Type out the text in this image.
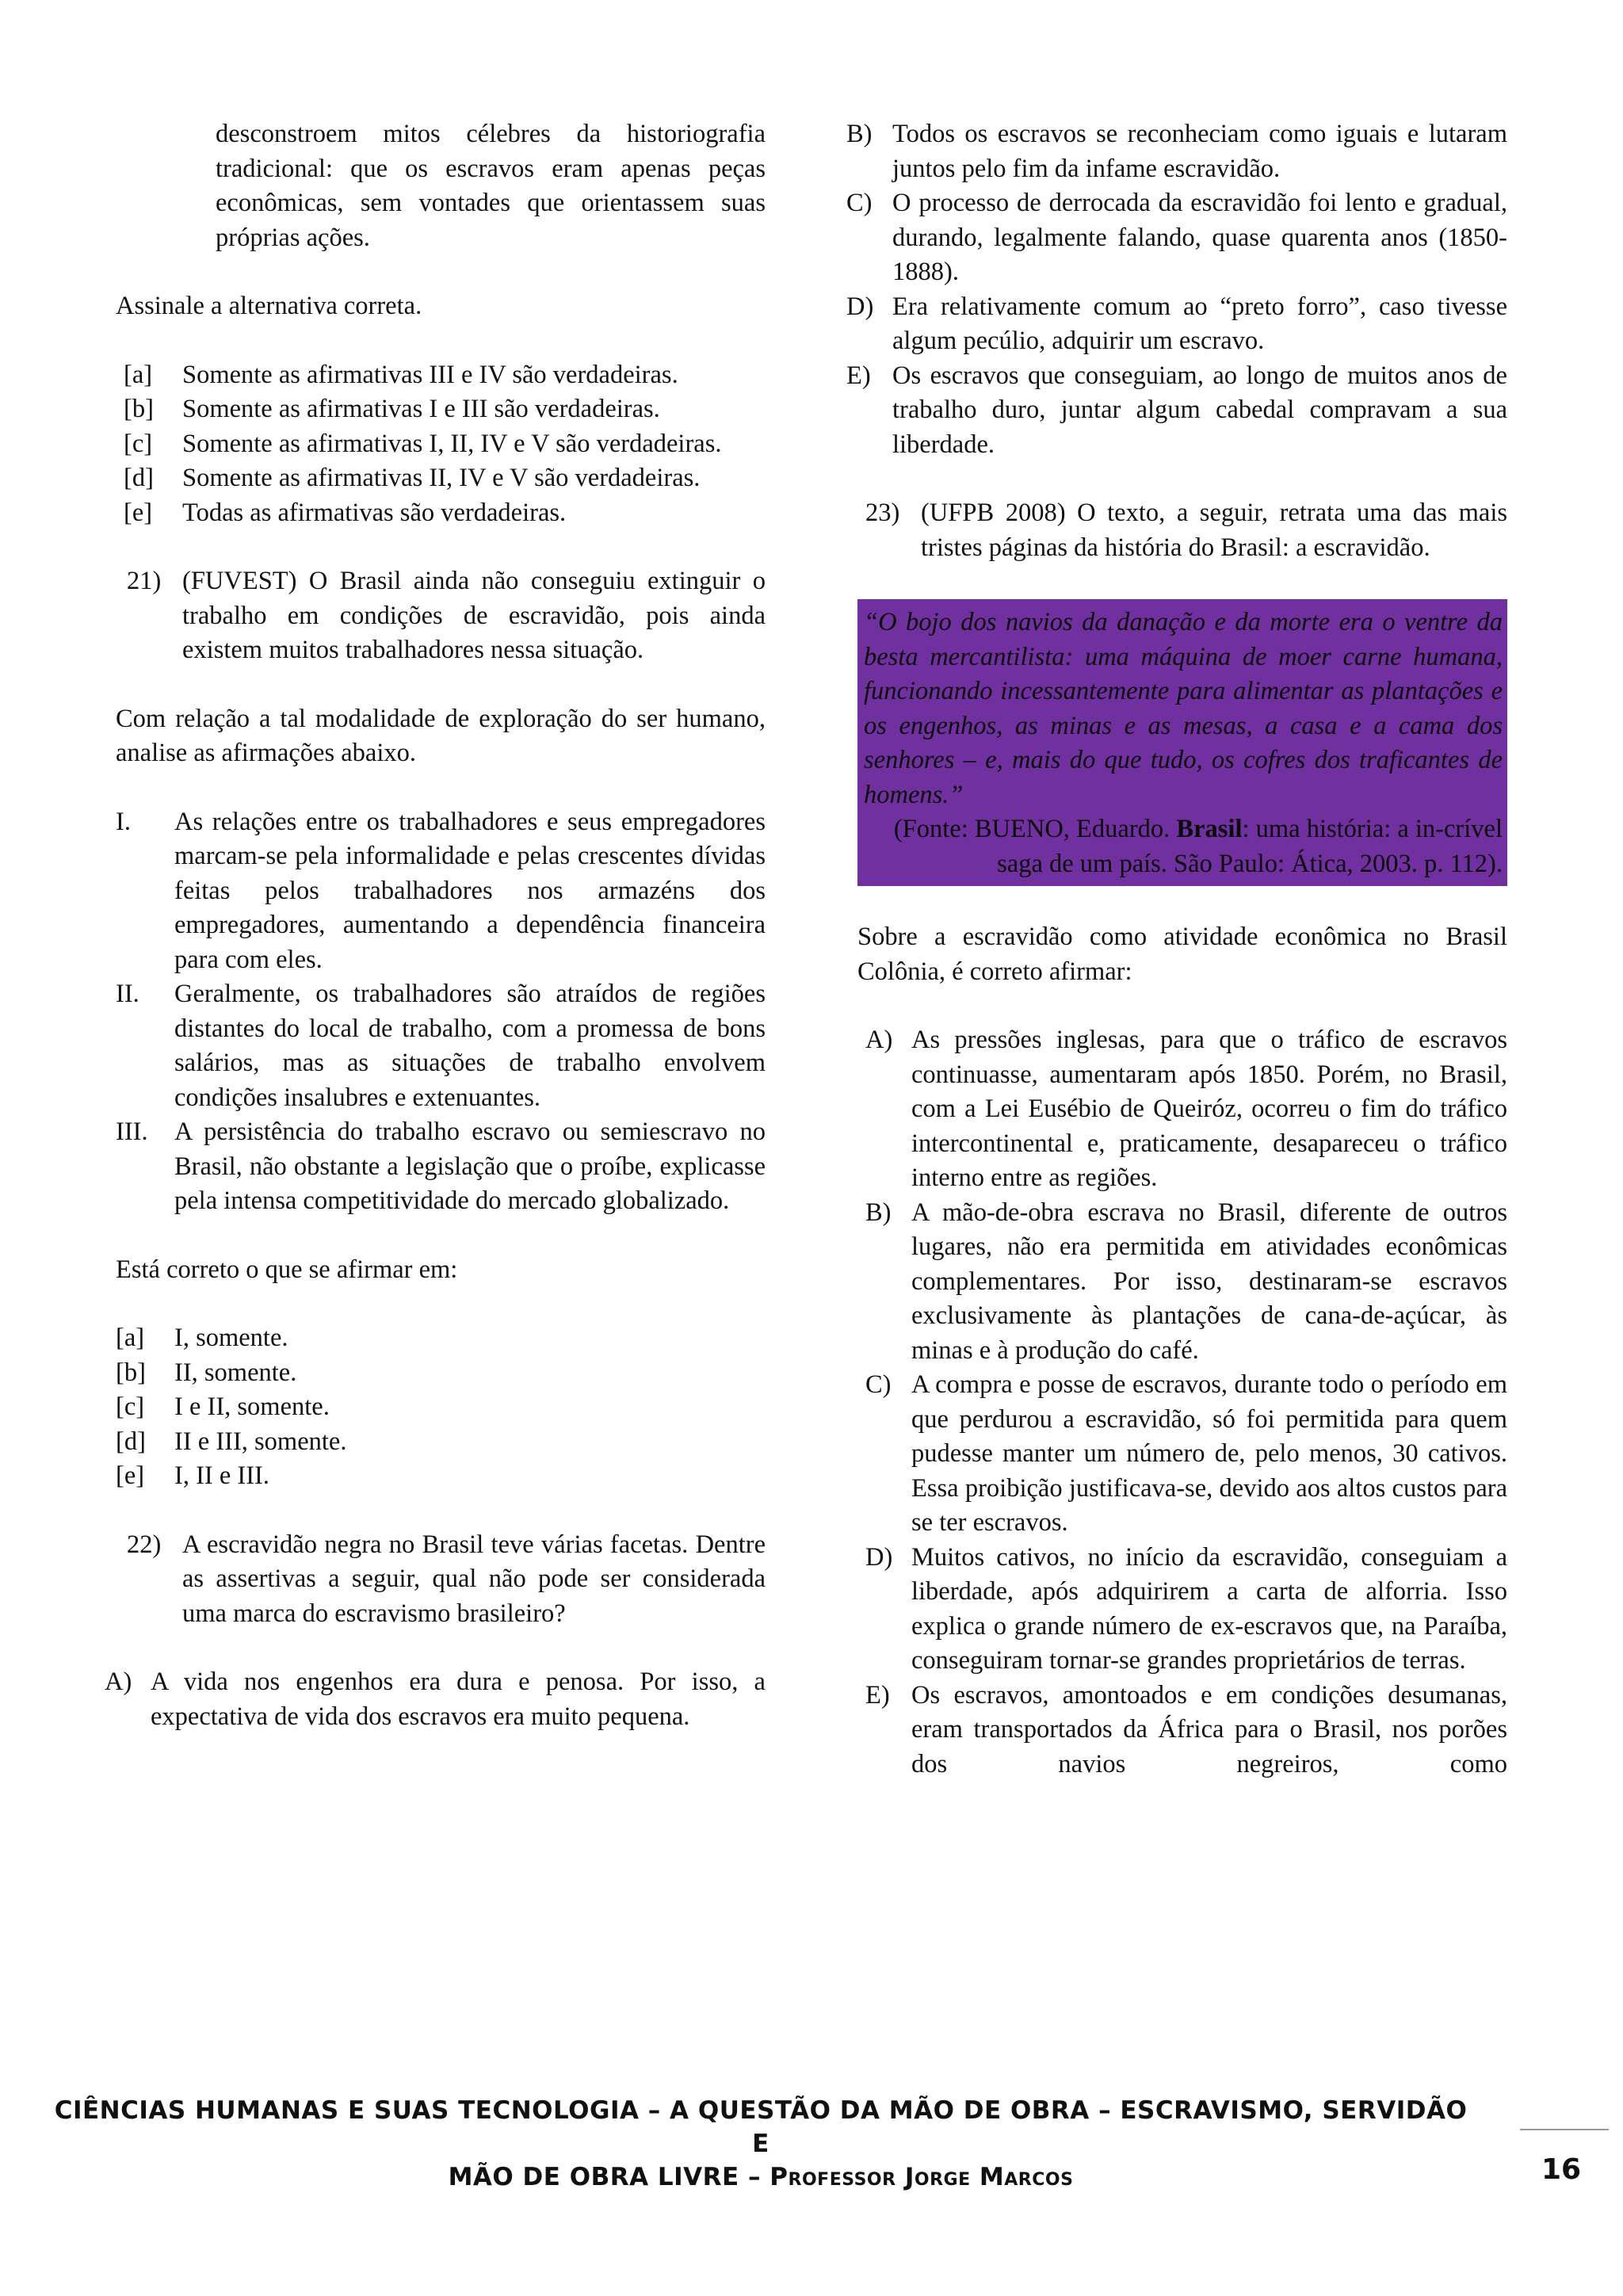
desconstroem mitos célebres da historiografia tradicional: que os escravos eram apenas peças econômicas, sem vontades que orientassem suas próprias ações.

Assinale a alternativa correta.

[a]	Somente as afirmativas III e IV são verdadeiras.
[b]	Somente as afirmativas I e III são verdadeiras.
[c]	Somente as afirmativas I, II, IV e V são verdadeiras.
[d]	Somente as afirmativas II, IV e V são verdadeiras.
[e]	Todas as afirmativas são verdadeiras.
21) (FUVEST) O Brasil ainda não conseguiu extinguir o trabalho em condições de escravidão, pois ainda existem muitos trabalhadores nessa situação.

Com relação a tal modalidade de exploração do ser humano, analise as afirmações abaixo.

I.	As relações entre os trabalhadores e seus empregadores marcam-se pela informalidade e pelas crescentes dívidas feitas pelos trabalhadores nos armazéns dos empregadores, aumentando a dependência financeira para com eles.
II.	Geralmente, os trabalhadores são atraídos de regiões distantes do local de trabalho, com a promessa de bons salários, mas as situações de trabalho envolvem condições insalubres e extenuantes.
III.	A persistência do trabalho escravo ou semiescravo no Brasil, não obstante a legislação que o proíbe, explicasse pela intensa competitividade do mercado globalizado.

Está correto o que se afirmar em:

[a]	I, somente.
[b]	II, somente.
[c]	I e II, somente.
[d]	II e III, somente.
[e]	I, II e III.
22) A escravidão negra no Brasil teve várias facetas. Dentre as assertivas a seguir, qual não pode ser considerada uma marca do escravismo brasileiro?
A) A vida nos engenhos era dura e penosa. Por isso, a expectativa de vida dos escravos era muito pequena.
B) Todos os escravos se reconheciam como iguais e lutaram juntos pelo fim da infame escravidão.
C) O processo de derrocada da escravidão foi lento e gradual, durando, legalmente falando, quase quarenta anos (1850-1888).
D) Era relativamente comum ao “preto forro”, caso tivesse algum pecúlio, adquirir um escravo.
E) Os escravos que conseguiam, ao longo de muitos anos de trabalho duro, juntar algum cabedal compravam a sua liberdade.
23) (UFPB 2008) O texto, a seguir, retrata uma das mais tristes páginas da história do Brasil: a escravidão.

“O bojo dos navios da danação e da morte era o ventre da besta mercantilista: uma máquina de moer carne humana, funcionando incessantemente para alimentar as plantações e os engenhos, as minas e as mesas, a casa e a cama dos senhores – e, mais do que tudo, os cofres dos traficantes de homens.”

(Fonte: BUENO, Eduardo. Brasil: uma história: a in-crível saga de um país. São Paulo: Ática, 2003. p. 112).

Sobre a escravidão como atividade econômica no Brasil Colônia, é correto afirmar:

A) As pressões inglesas, para que o tráfico de escravos continuasse, aumentaram após 1850. Porém, no Brasil, com a Lei Eusébio de Queiróz, ocorreu o fim do tráfico intercontinental e, praticamente, desapareceu o tráfico interno entre as regiões.
B) A mão-de-obra escrava no Brasil, diferente de outros lugares, não era permitida em atividades econômicas complementares. Por isso, destinaram-se escravos exclusivamente às plantações de cana-de-açúcar, às minas e à produção do café.
C) A compra e posse de escravos, durante todo o período em que perdurou a escravidão, só foi permitida para quem pudesse manter um número de, pelo menos, 30 cativos. Essa proibição justificava-se, devido aos altos custos para se ter escravos.
D) Muitos cativos, no início da escravidão, conseguiam a liberdade, após adquirirem a carta de alforria. Isso explica o grande número de ex-escravos que, na Paraíba, conseguiram tornar-se grandes proprietários de terras.
E) Os escravos, amontoados e em condições desumanas, eram transportados da África para o Brasil, nos porões dos navios negreiros, como
CIÊNCIAS HUMANAS E SUAS TECNOLOGIA – A QUESTÃO DA MÃO DE OBRA – ESCRAVISMO, SERVIDÃO E
MÃO DE OBRA LIVRE – Professor Jorge Marcos	16
